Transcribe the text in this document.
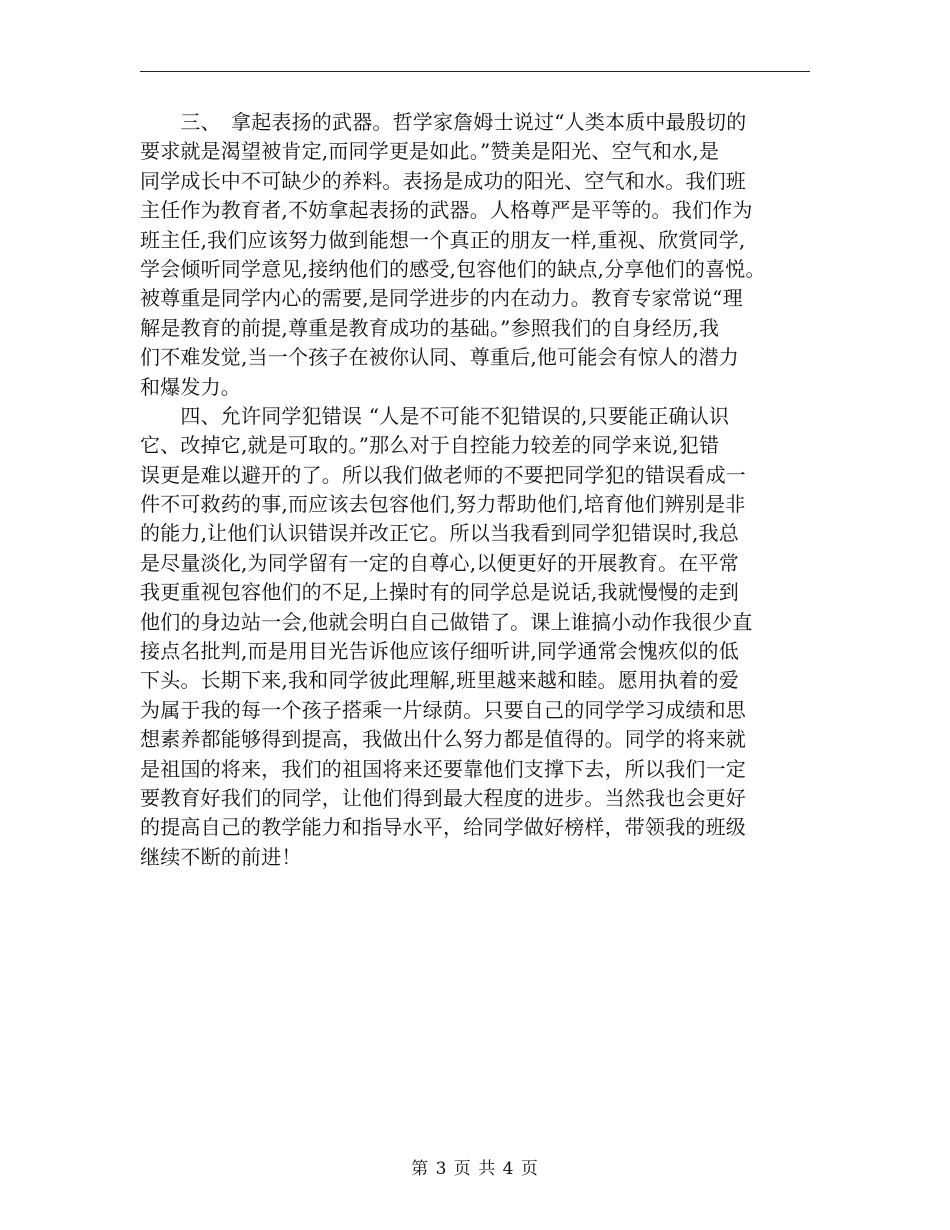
　　三、　拿起表扬的武器。哲学家詹姆士说过“人类本质中最殷切的
要求就是渴望被肯定,而同学更是如此。”赞美是阳光、空气和水,是
同学成长中不可缺少的养料。表扬是成功的阳光、空气和水。我们班
主任作为教育者,不妨拿起表扬的武器。人格尊严是平等的。我们作为
班主任,我们应该努力做到能想一个真正的朋友一样,重视、欣赏同学,
学会倾听同学意见,接纳他们的感受,包容他们的缺点,分享他们的喜悦。
被尊重是同学内心的需要,是同学进步的内在动力。教育专家常说“理
解是教育的前提,尊重是教育成功的基础。”参照我们的自身经历,我
们不难发觉,当一个孩子在被你认同、尊重后,他可能会有惊人的潜力
和爆发力。
　　四、允许同学犯错误 “人是不可能不犯错误的,只要能正确认识
它、改掉它,就是可取的。”那么对于自控能力较差的同学来说,犯错
误更是难以避开的了。所以我们做老师的不要把同学犯的错误看成一
件不可救药的事,而应该去包容他们,努力帮助他们,培育他们辨别是非
的能力,让他们认识错误并改正它。所以当我看到同学犯错误时,我总
是尽量淡化,为同学留有一定的自尊心,以便更好的开展教育。在平常
我更重视包容他们的不足,上操时有的同学总是说话,我就慢慢的走到
他们的身边站一会,他就会明白自己做错了。课上谁搞小动作我很少直
接点名批判,而是用目光告诉他应该仔细听讲,同学通常会愧疚似的低
下头。长期下来,我和同学彼此理解,班里越来越和睦。愿用执着的爱
为属于我的每一个孩子搭乘一片绿荫。只要自己的同学学习成绩和思
想素养都能够得到提高，我做出什么努力都是值得的。同学的将来就
是祖国的将来，我们的祖国将来还要靠他们支撑下去，所以我们一定
要教育好我们的同学，让他们得到最大程度的进步。当然我也会更好
的提高自己的教学能力和指导水平，给同学做好榜样，带领我的班级
继续不断的前进！
第 3 页 共 4 页
